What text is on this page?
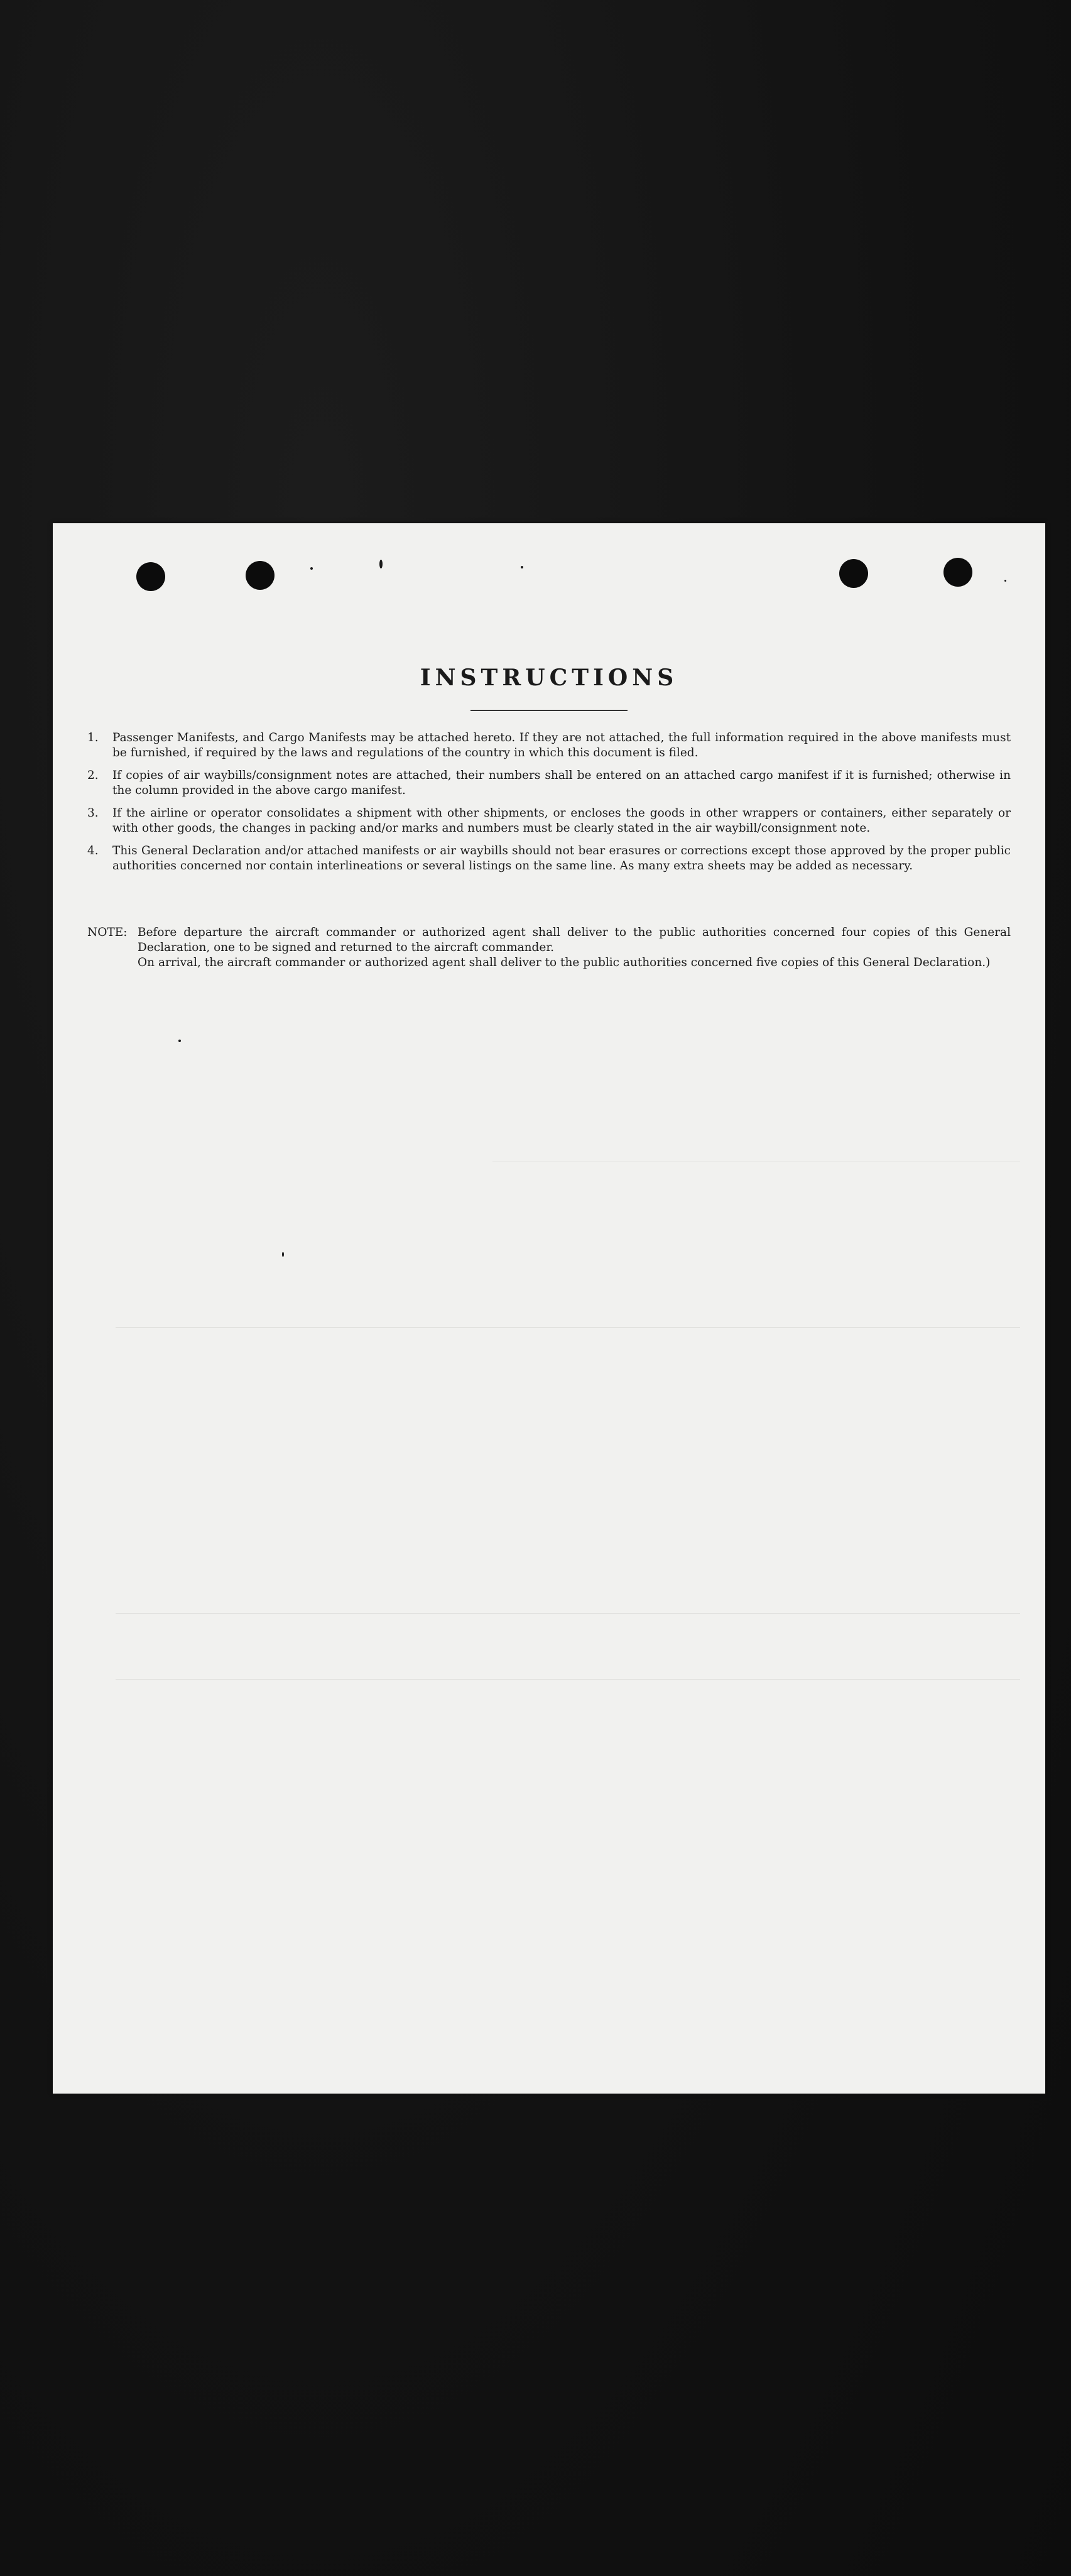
INSTRUCTIONS
1. Passenger Manifests, and Cargo Manifests may be attached hereto. If they are not attached, the full information required in the above manifests must be furnished, if required by the laws and regulations of the country in which this document is filed.
2. If copies of air waybills/consignment notes are attached, their numbers shall be entered on an attached cargo manifest if it is furnished; otherwise in the column provided in the above cargo manifest.
3. If the airline or operator consolidates a shipment with other shipments, or encloses the goods in other wrappers or containers, either separately or with other goods, the changes in packing and/or marks and numbers must be clearly stated in the air waybill/consignment note.
4. This General Declaration and/or attached manifests or air waybills should not bear erasures or corrections except those approved by the proper public authorities concerned nor contain interlineations or several listings on the same line. As many extra sheets may be added as necessary.
NOTE: Before departure the aircraft commander or authorized agent shall deliver to the public authorities concerned four copies of this General Declaration, one to be signed and returned to the aircraft commander.
On arrival, the aircraft commander or authorized agent shall deliver to the public authorities concerned five copies of this General Declaration.)
